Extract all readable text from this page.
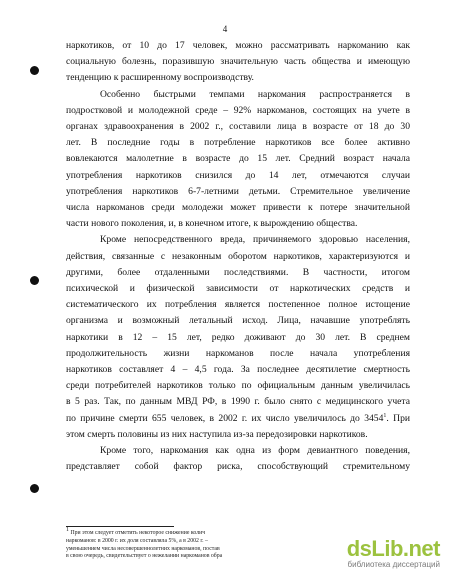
4
наркотиков, от 10 до 17 человек, можно рассматривать наркоманию как
социальную болезнь, поразившую значительную часть общества и имеющую
тенденцию к расширенному воспроизводству.
Особенно быстрыми темпами наркомания распространяется в
подростковой и молодежной среде – 92% наркоманов, состоящих на учете в
органах здравоохранения в 2002 г., составили лица в возрасте от 18 до 30
лет. В последние годы в потребление наркотиков все более активно
вовлекаются малолетние в возрасте до 15 лет. Средний возраст начала
употребления наркотиков снизился до 14 лет, отмечаются случаи
употребления наркотиков 6-7-летними детьми. Стремительное увеличение
числа наркоманов среди молодежи может привести к потере значительной
части нового поколения, и, в конечном итоге, к вырождению общества.
Кроме непосредственного вреда, причиняемого здоровью населения,
действия, связанные с незаконным оборотом наркотиков, характеризуются и
другими, более отдаленными последствиями. В частности, итогом
психической и физической зависимости от наркотических средств и
систематического их потребления является постепенное полное истощение
организма и возможный летальный исход. Лица, начавшие употреблять
наркотики в 12 – 15 лет, редко доживают до 30 лет. В среднем
продолжительность жизни наркоманов после начала употребления
наркотиков составляет 4 – 4,5 года. За последнее десятилетие смертность
среди потребителей наркотиков только по официальным данным увеличилась
в 5 раз. Так, по данным МВД РФ, в 1990 г. было снято с медицинского учета
по причине смерти 655 человек, в 2002 г. их число увеличилось до 3454$^1$. При
этом смерть половины из них наступила из-за передозировки наркотиков.
Кроме того, наркомания как одна из форм девиантного поведения,
представляет собой фактор риска, способствующий стремительному
$^1$ При этом следует отметить некоторое снижение колич
наркоманов: в 2000 г. их доля составляла 5%, а в 2002 г. –
уменьшением числа несовершеннолетних наркоманов, постав
в свою очередь, свидетельствует о нежелании наркоманов обра	dsLib.net
библиотека диссертаций
